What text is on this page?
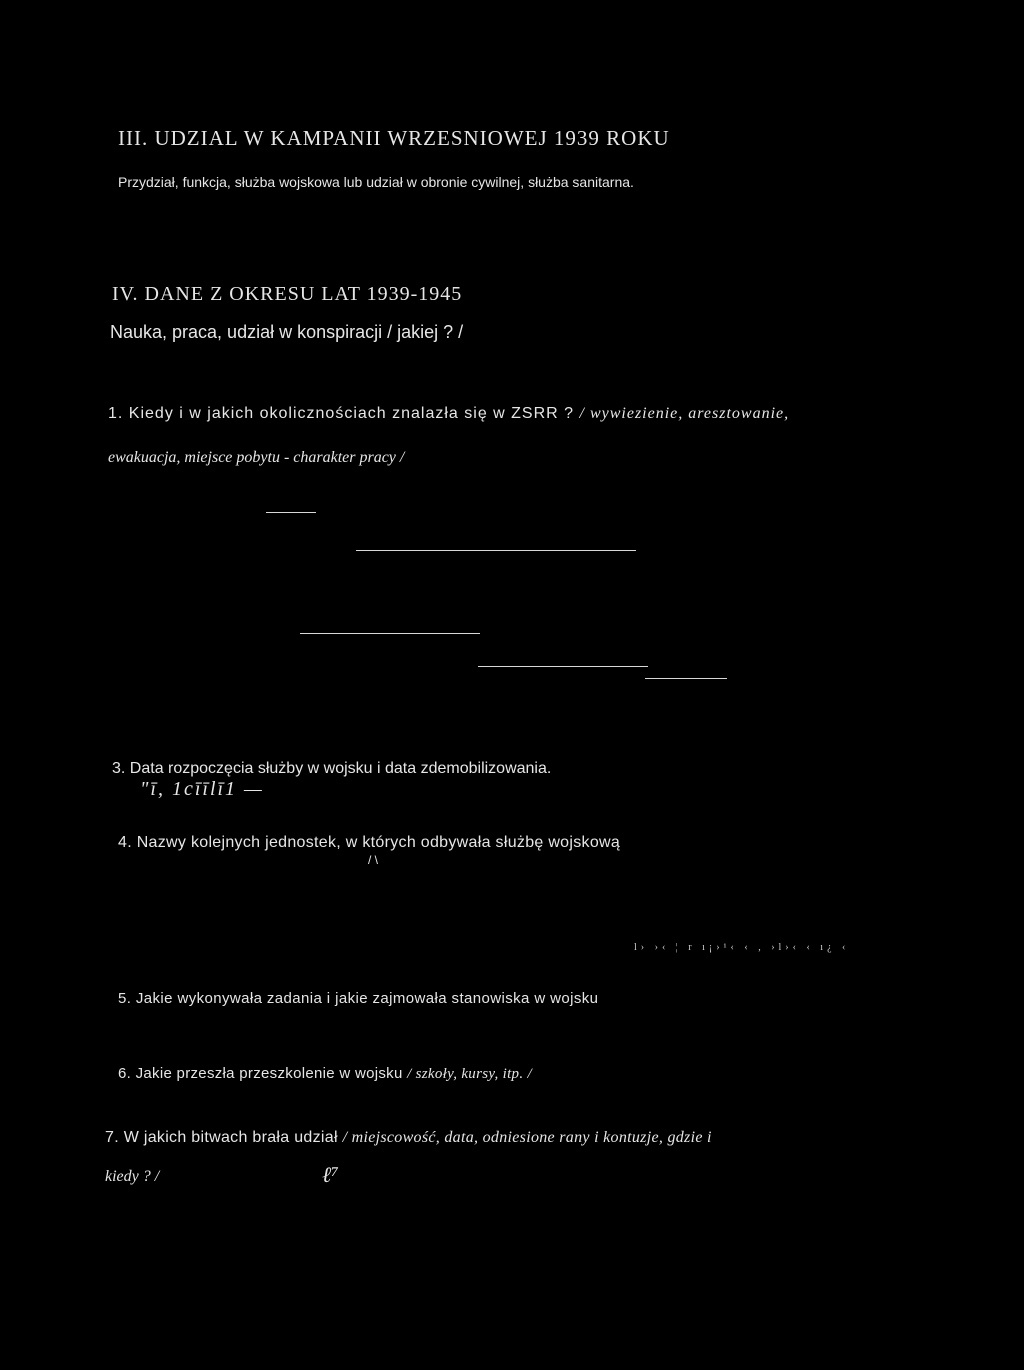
III. UDZIAL W KAMPANII WRZESNIOWEJ 1939 ROKU
Przydział, funkcja, służba wojskowa lub udział w obronie cywilnej, służba sanitarna.
IV. DANE Z OKRESU LAT 1939-1945
Nauka, praca, udział w konspiracji / jakiej ? /
1. Kiedy i w jakich okolicznościach znalazła się w ZSRR ? / wywiezienie, aresztowanie,
ewakuacja, miejsce pobytu - charakter pracy /
3. Data rozpoczęcia służby w wojsku i data zdemobilizowania.
"ī, 1cīīlī1 —
4. Nazwy kolejnych jednostek, w których odbywała służbę wojskową
/ \
l› ›‹ ¦ r ı¡›¹‹ ‹ , ›l›‹ ‹ ı¿ ‹
5. Jakie wykonywała zadania i jakie zajmowała stanowiska w wojsku
6. Jakie przeszła przeszkolenie w wojsku / szkoły, kursy, itp. /
7. W jakich bitwach brała udział / miejscowość, data, odniesione rany i kontuzje, gdzie i
kiedy ? /	ℓ⁷
